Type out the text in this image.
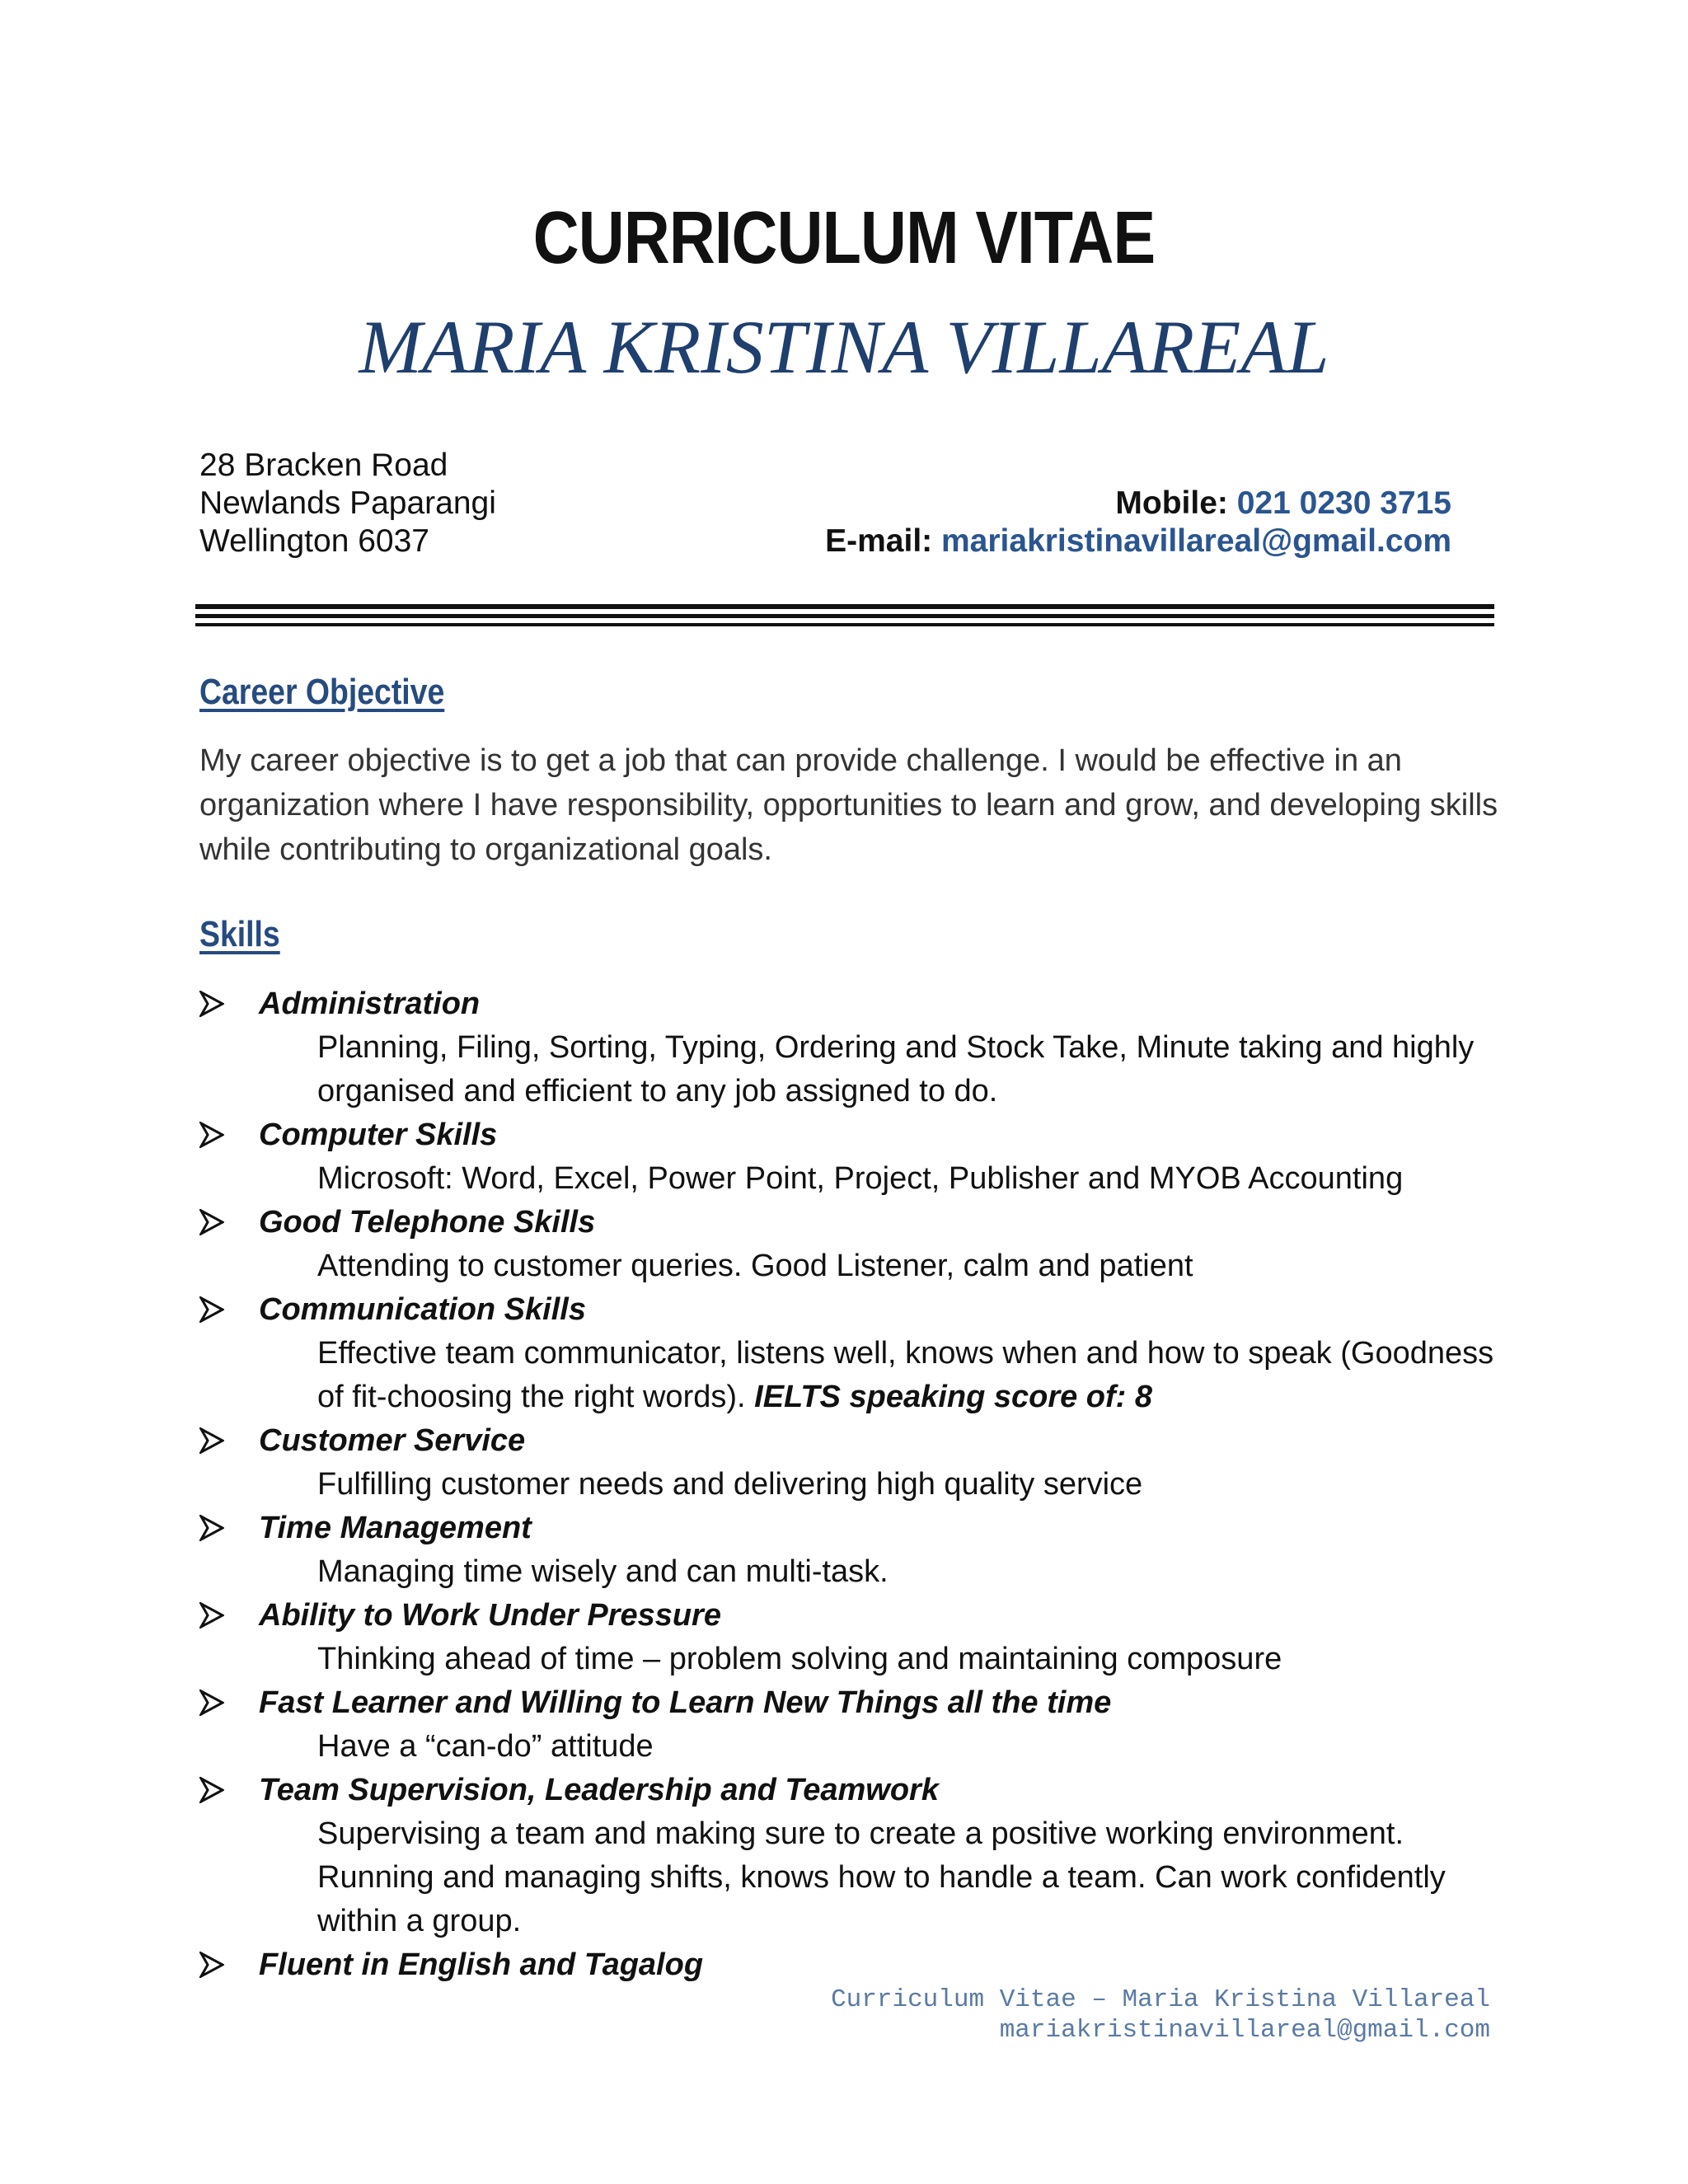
CURRICULUM VITAE
MARIA KRISTINA VILLAREAL
28 Bracken Road
Newlands Paparangi
Wellington 6037
Mobile: 021 0230 3715
E-mail: mariakristinavillareal@gmail.com
Career Objective
My career objective is to get a job that can provide challenge. I would be effective in an organization where I have responsibility, opportunities to learn and grow, and developing skills while contributing to organizational goals.
Skills
Administration
Planning, Filing, Sorting, Typing, Ordering and Stock Take, Minute taking and highly organised and efficient to any job assigned to do.
Computer Skills
Microsoft: Word, Excel, Power Point, Project, Publisher and MYOB Accounting
Good Telephone Skills
Attending to customer queries. Good Listener, calm and patient
Communication Skills
Effective team communicator, listens well, knows when and how to speak (Goodness of fit-choosing the right words). IELTS speaking score of: 8
Customer Service
Fulfilling customer needs and delivering high quality service
Time Management
Managing time wisely and can multi-task.
Ability to Work Under Pressure
Thinking ahead of time – problem solving and maintaining composure
Fast Learner and Willing to Learn New Things all the time
Have a “can-do” attitude
Team Supervision, Leadership and Teamwork
Supervising a team and making sure to create a positive working environment. Running and managing shifts, knows how to handle a team. Can work confidently within a group.
Fluent in English and Tagalog
Curriculum Vitae – Maria Kristina Villareal
mariakristinavillareal@gmail.com
